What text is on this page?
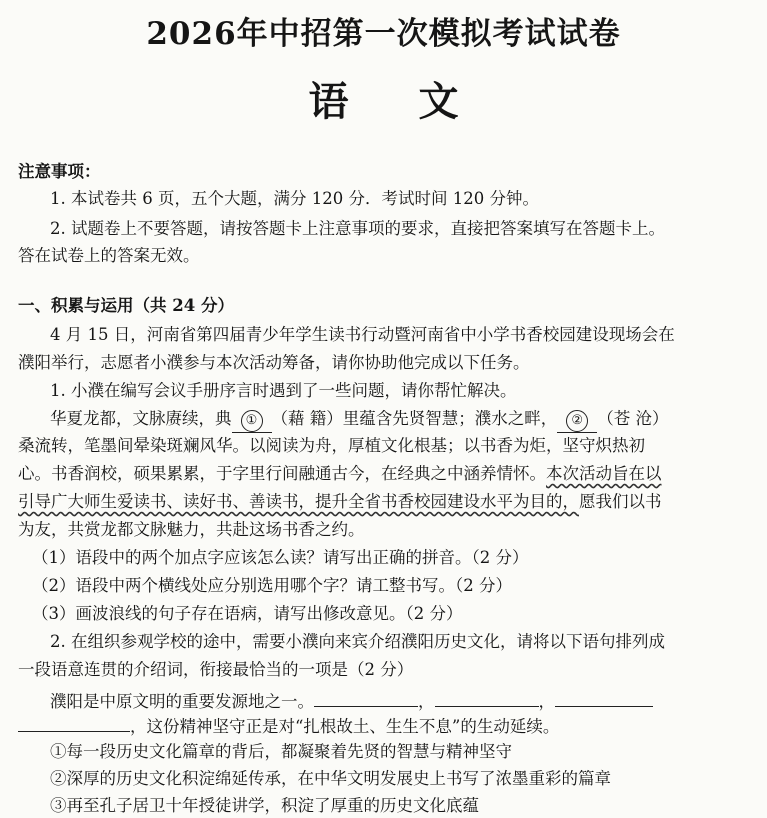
2026年中招第一次模拟考试试卷
语 文
注意事项：
1. 本试卷共 6 页，五个大题，满分 120 分．考试时间 120 分钟。
2. 试题卷上不要答题，请按答题卡上注意事项的要求，直接把答案填写在答题卡上。
答在试卷上的答案无效。
一、积累与运用（共 24 分）
4 月 15 日，河南省第四届青少年学生读书行动暨河南省中小学书香校园建设现场会在
濮阳举行，志愿者小濮参与本次活动筹备，请你协助他完成以下任务。
1. 小濮在编写会议手册序言时遇到了一些问题，请你帮忙解决。
华夏龙都，文脉赓续，典 ① （藉 籍）里蕴含先贤智慧；濮水之畔， ② （苍 沧）
桑流转，笔墨间晕染斑斓风华。以阅读为舟，厚植文化根基；以书香为炬，坚守炽热初
心。书香润校，硕果累累，于字里行间融通古今，在经典之中涵养情怀。本次活动旨在以
引导广大师生爱读书、读好书、善读书，提升全省书香校园建设水平为目的，愿我们以书
为友，共赏龙都文脉魅力，共赴这场书香之约。
（1）语段中的两个加点字应该怎么读？请写出正确的拼音。（2 分）
（2）语段中两个横线处应分别选用哪个字？请工整书写。（2 分）
（3）画波浪线的句子存在语病，请写出修改意见。（2 分）
2. 在组织参观学校的途中，需要小濮向来宾介绍濮阳历史文化，请将以下语句排列成
一段语意连贯的介绍词，衔接最恰当的一项是（2 分）
濮阳是中原文明的重要发源地之一。	，	，
，这份精神坚守正是对“扎根故土、生生不息”的生动延续。
①每一段历史文化篇章的背后，都凝聚着先贤的智慧与精神坚守
②深厚的历史文化积淀绵延传承，在中华文明发展史上书写了浓墨重彩的篇章
③再至孔子居卫十年授徒讲学，积淀了厚重的历史文化底蕴
